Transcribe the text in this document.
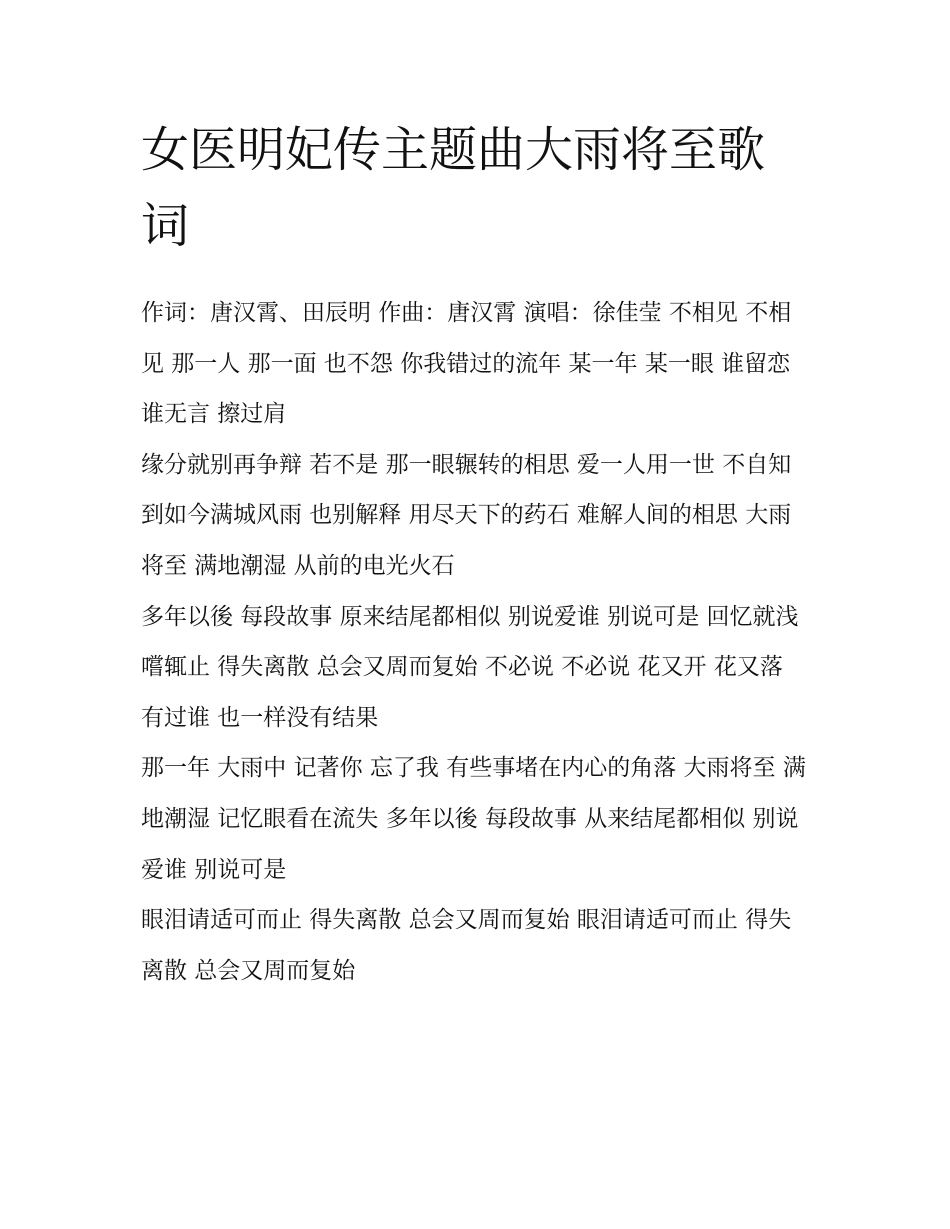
女医明妃传主题曲大雨将至歌词

作词：唐汉霄、田辰明 作曲：唐汉霄 演唱：徐佳莹 不相见 不相见 那一人 那一面 也不怨 你我错过的流年 某一年 某一眼 谁留恋 谁无言 擦过肩

缘分就别再争辩 若不是 那一眼辗转的相思 爱一人用一世 不自知 到如今满城风雨 也别解释 用尽天下的药石 难解人间的相思 大雨将至 满地潮湿 从前的电光火石

多年以後 每段故事 原来结尾都相似 别说爱谁 别说可是 回忆就浅嚐辄止 得失离散 总会又周而复始 不必说 不必说 花又开 花又落 有过谁 也一样没有结果

那一年 大雨中 记著你 忘了我 有些事堵在内心的角落 大雨将至 满地潮湿 记忆眼看在流失 多年以後 每段故事 从来结尾都相似 别说爱谁 别说可是

眼泪请适可而止 得失离散 总会又周而复始 眼泪请适可而止 得失离散 总会又周而复始
